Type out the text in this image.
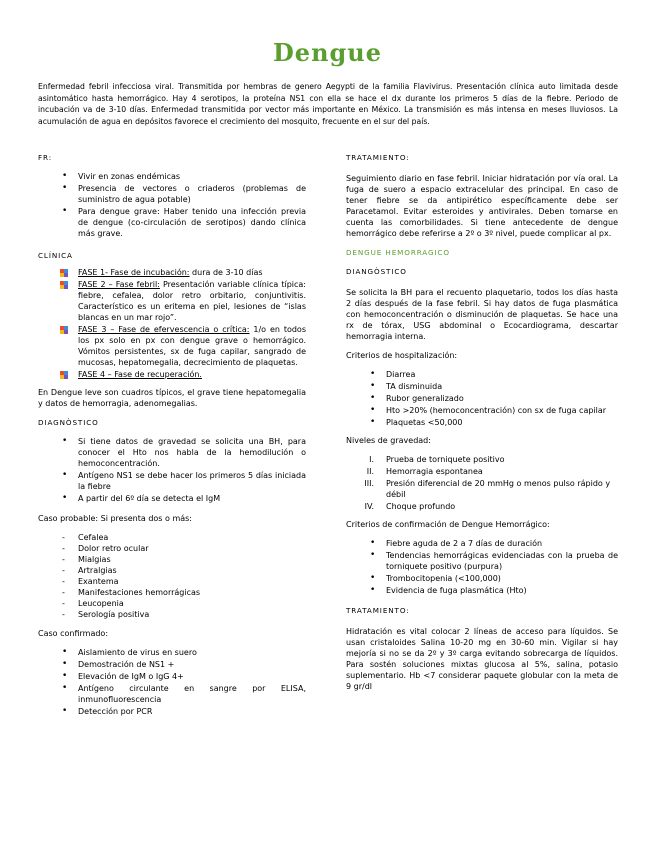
Dengue

Enfermedad febril infecciosa viral. Transmitida por hembras de genero Aegypti de la familia Flavivirus. Presentación clínica auto limitada desde asintomático hasta hemorrágico. Hay 4 serotipos, la proteína NS1 con ella se hace el dx durante los primeros 5 días de la fiebre. Periodo de incubación va de 3-10 días. Enfermedad transmitida por vector más importante en México. La transmisión es más intensa en meses lluviosos. La acumulación de agua en depósitos favorece el crecimiento del mosquito, frecuente en el sur del país.

FR:
• Vivir en zonas endémicas
• Presencia de vectores o criaderos (problemas de suministro de agua potable)
• Para dengue grave: Haber tenido una infección previa de dengue (co-circulación de serotipos) dando clínica más grave.
CLÍNICA
FASE 1- Fase de incubación: dura de 3-10 días
FASE 2 – Fase febril: Presentación variable clínica típica: fiebre, cefalea, dolor retro orbitario, conjuntivitis. Característico es un eritema en piel, lesiones de “islas blancas en un mar rojo”.
FASE 3 – Fase de efervescencia o crítica: 1/o en todos los px solo en px con dengue grave o hemorrágico. Vómitos persistentes, sx de fuga capilar, sangrado de mucosas, hepatomegalia, decrecimiento de plaquetas.
FASE 4 – Fase de recuperación.

En Dengue leve son cuadros típicos, el grave tiene hepatomegalia y datos de hemorragia, adenomegalias.

DIAGNÒSTICO
• Si tiene datos de gravedad se solicita una BH, para conocer el Hto nos habla de la hemodilución o hemoconcentración.
• Antígeno NS1 se debe hacer los primeros 5 días iniciada la fiebre
• A partir del 6º día se detecta el IgM

Caso probable: Si presenta dos o más:

- Cefalea
- Dolor retro ocular
- Mialgias
- Artralgias
- Exantema
- Manifestaciones hemorrágicas
- Leucopenia
- Serología positiva

Caso confirmado:

• Aislamiento de virus en suero
• Demostración de NS1 +
• Elevación de IgM o IgG 4+
• Antígeno circulante en sangre por ELISA, inmunofluorescencia
• Detección por PCR
TRATAMIENTO:

Seguimiento diario en fase febril. Iniciar hidratación por vía oral. La fuga de suero a espacio extracelular des principal. En caso de tener fiebre se da antipirético específicamente debe ser Paracetamol. Evitar esteroides y antivirales. Deben tomarse en cuenta las comorbilidades. Si tiene antecedente de dengue hemorrágico debe referirse a 2º o 3º nivel, puede complicar al px.

DENGUE HEMORRAGICO
DIANGÒSTICO

Se solicita la BH para el recuento plaquetario, todos los días hasta 2 días después de la fase febril. Si hay datos de fuga plasmática con hemoconcentración o disminución de plaquetas. Se hace una rx de tórax, USG abdominal o Ecocardiograma, descartar hemorragia interna.

Criterios de hospitalización:

• Diarrea
• TA disminuida
• Rubor generalizado
• Hto >20% (hemoconcentración) con sx de fuga capilar
• Plaquetas <50,000

Niveles de gravedad:

I. Prueba de torniquete positivo
II. Hemorragia espontanea
III. Presión diferencial de 20 mmHg o menos pulso rápido y débil
IV. Choque profundo

Criterios de confirmación de Dengue Hemorrágico:

• Fiebre aguda de 2 a 7 días de duración
• Tendencias hemorrágicas evidenciadas con la prueba de torniquete positivo (purpura)
• Trombocitopenia (<100,000)
• Evidencia de fuga plasmática (Hto)
TRATAMIENTO:

Hidratación es vital colocar 2 líneas de acceso para líquidos. Se usan cristaloides Salina 10-20 mg en 30-60 min. Vigilar si hay mejoría si no se da 2º y 3º carga evitando sobrecarga de líquidos. Para sostén soluciones mixtas glucosa al 5%, salina, potasio suplementario. Hb <7 considerar paquete globular con la meta de 9 gr/dl
